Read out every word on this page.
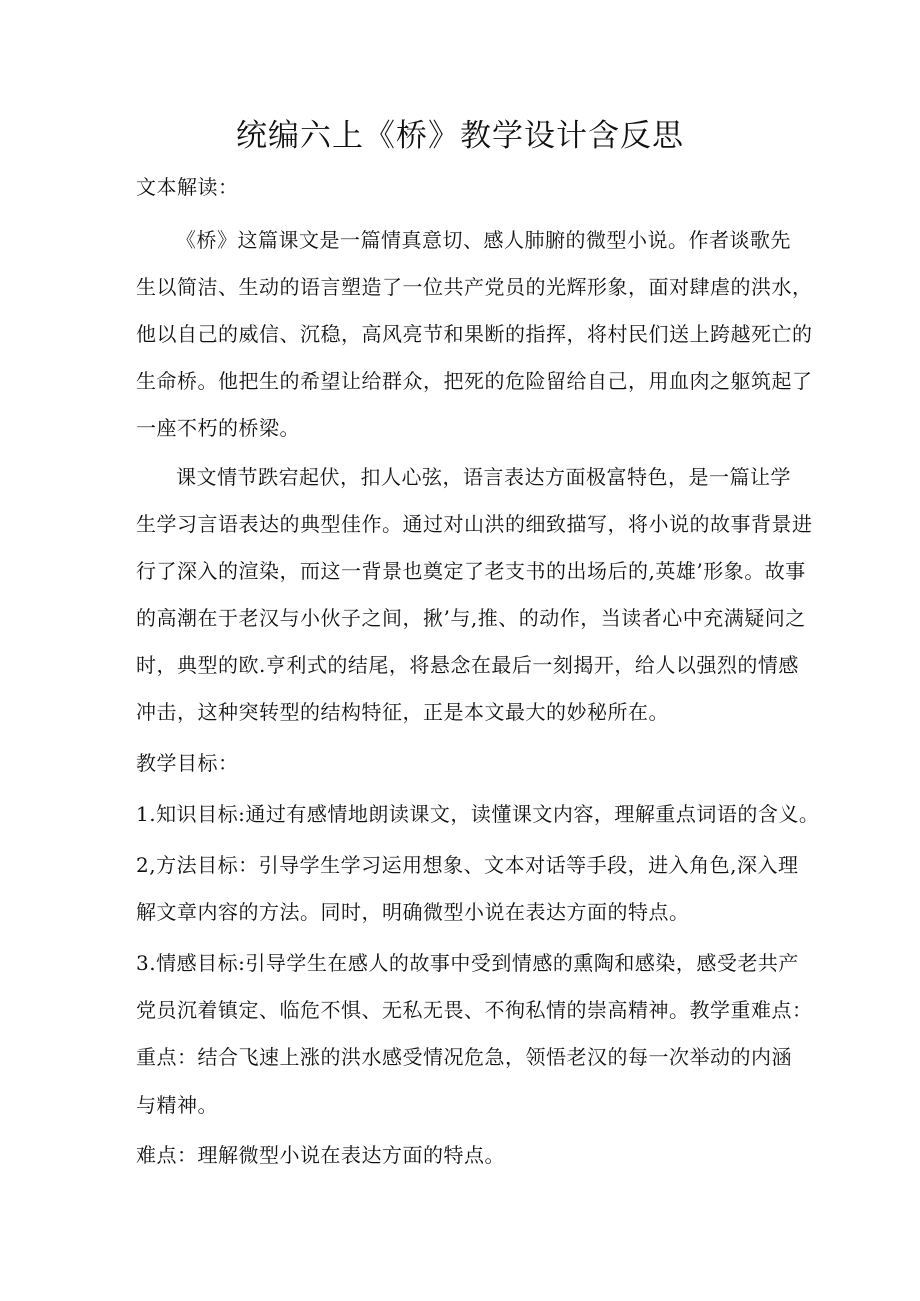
统编六上《桥》教学设计含反思

文本解读：

《桥》这篇课文是一篇情真意切、感人肺腑的微型小说。作者谈歌先

生以简洁、生动的语言塑造了一位共产党员的光辉形象，面对肆虐的洪水，

他以自己的威信、沉稳，高风亮节和果断的指挥，将村民们送上跨越死亡的

生命桥。他把生的希望让给群众，把死的危险留给自己，用血肉之躯筑起了

一座不朽的桥梁。

课文情节跌宕起伏，扣人心弦，语言表达方面极富特色，是一篇让学

生学习言语表达的典型佳作。通过对山洪的细致描写，将小说的故事背景进

行了深入的渲染，而这一背景也奠定了老支书的出场后的,英雄’形象。故事

的高潮在于老汉与小伙子之间，揪’与,推、的动作，当读者心中充满疑问之

时，典型的欧.亨利式的结尾，将悬念在最后一刻揭开，给人以强烈的情感

冲击，这种突转型的结构特征，正是本文最大的妙秘所在。

教学目标：

1.知识目标:通过有感情地朗读课文，读懂课文内容，理解重点词语的含义。

2,方法目标：引导学生学习运用想象、文本对话等手段，进入角色,深入理

解文章内容的方法。同时，明确微型小说在表达方面的特点。

3.情感目标:引导学生在感人的故事中受到情感的熏陶和感染，感受老共产

党员沉着镇定、临危不惧、无私无畏、不徇私情的崇高精神。教学重难点：

重点：结合飞速上涨的洪水感受情况危急，领悟老汉的每一次举动的内涵

与精神。

难点：理解微型小说在表达方面的特点。
